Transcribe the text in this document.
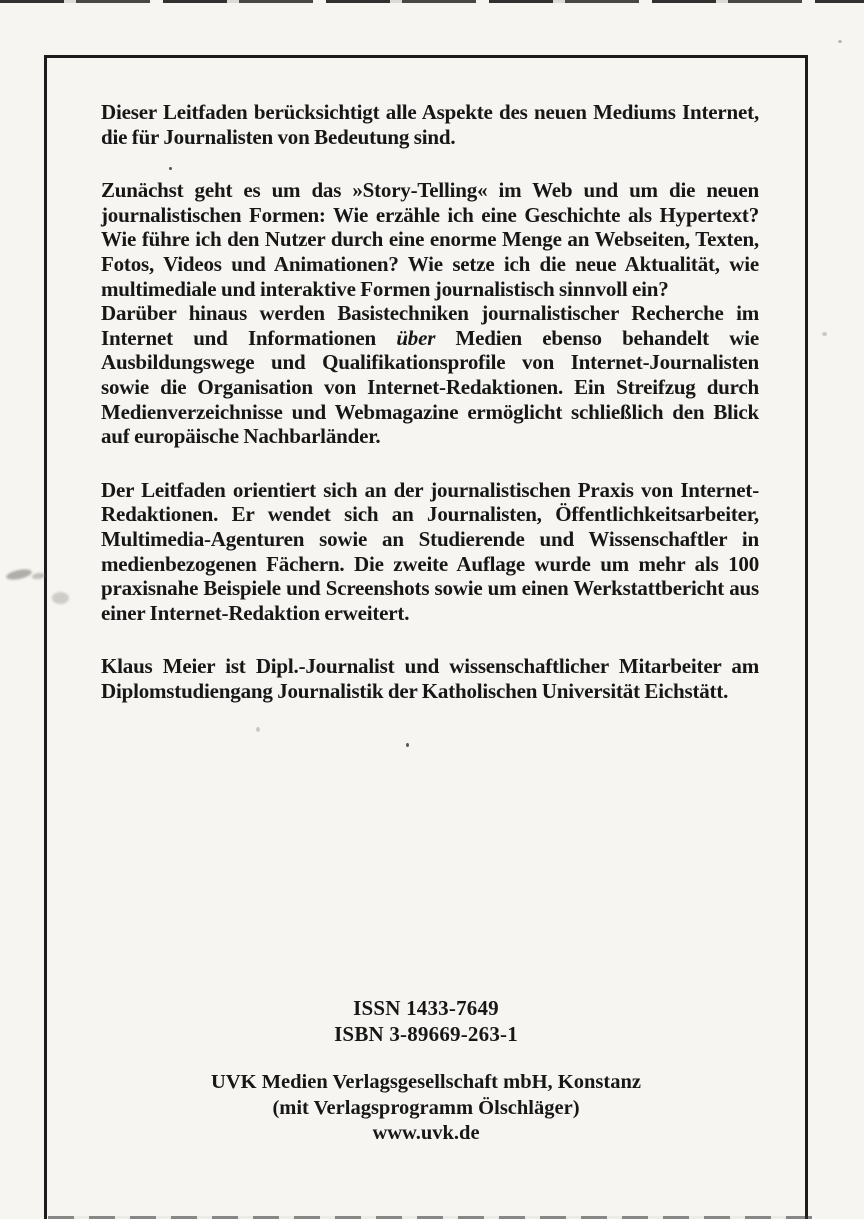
Dieser Leitfaden berücksichtigt alle Aspekte des neuen Mediums Internet, die für Journalisten von Bedeutung sind.

Zunächst geht es um das »Story-Telling« im Web und um die neuen journalistischen Formen: Wie erzähle ich eine Geschichte als Hypertext? Wie führe ich den Nutzer durch eine enorme Menge an Webseiten, Texten, Fotos, Videos und Animationen? Wie setze ich die neue Aktualität, wie multimediale und interaktive Formen journalistisch sinnvoll ein?

Darüber hinaus werden Basistechniken journalistischer Recherche im Internet und Informationen über Medien ebenso behandelt wie Ausbildungswege und Qualifikationsprofile von Internet-Journalisten sowie die Organisation von Internet-Redaktionen. Ein Streifzug durch Medienverzeichnisse und Webmagazine ermöglicht schließlich den Blick auf europäische Nachbarländer.

Der Leitfaden orientiert sich an der journalistischen Praxis von Internet-Redaktionen. Er wendet sich an Journalisten, Öffentlichkeitsarbeiter, Multimedia-Agenturen sowie an Studierende und Wissenschaftler in medienbezogenen Fächern. Die zweite Auflage wurde um mehr als 100 praxisnahe Beispiele und Screenshots sowie um einen Werkstattbericht aus einer Internet-Redaktion erweitert.

Klaus Meier ist Dipl.-Journalist und wissenschaftlicher Mitarbeiter am Diplomstudiengang Journalistik der Katholischen Universität Eichstätt.

ISSN 1433-7649
ISBN 3-89669-263-1
UVK Medien Verlagsgesellschaft mbH, Konstanz
(mit Verlagsprogramm Ölschläger)
www.uvk.de
